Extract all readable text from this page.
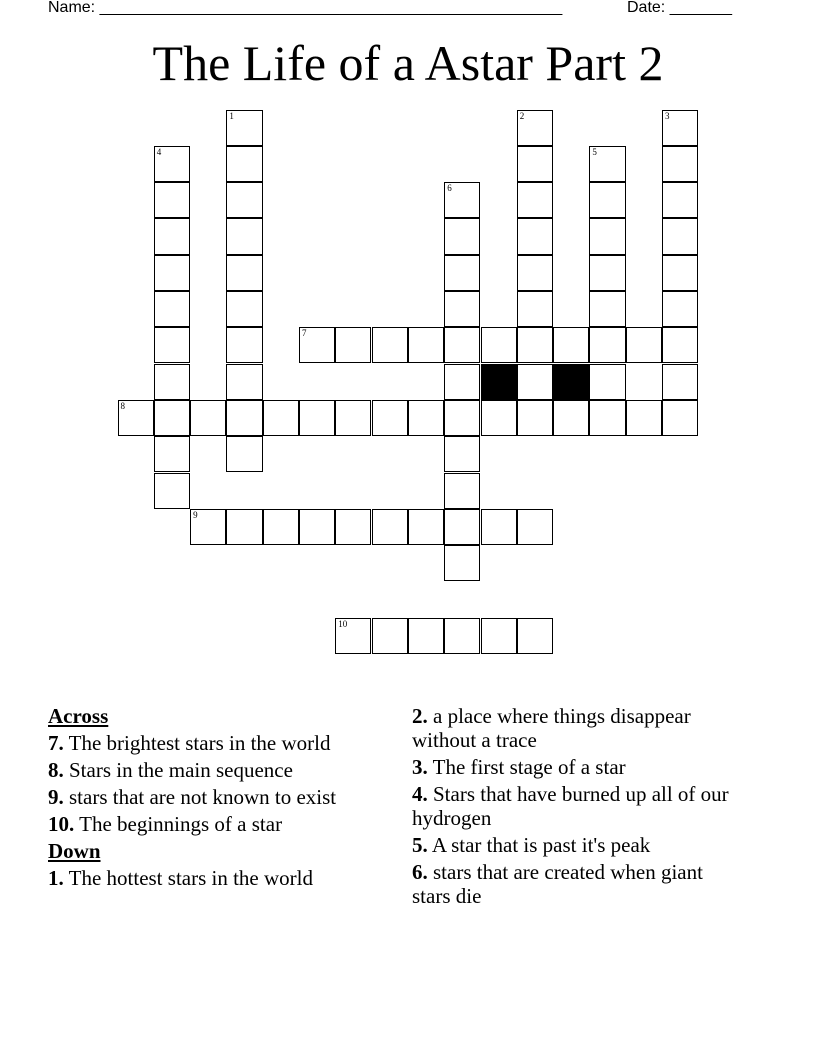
Name: ____________________________________________________	Date: _______
The Life of a Astar Part 2
1	2	3
4	5
6
7
8
9
10
Across
7. The brightest stars in the world
8. Stars in the main sequence
9. stars that are not known to exist
10. The beginnings of a star
Down
1. The hottest stars in the world
2. a place where things disappear without a trace
3. The first stage of a star
4. Stars that have burned up all of our hydrogen
5. A star that is past it's peak
6. stars that are created when giant stars die
